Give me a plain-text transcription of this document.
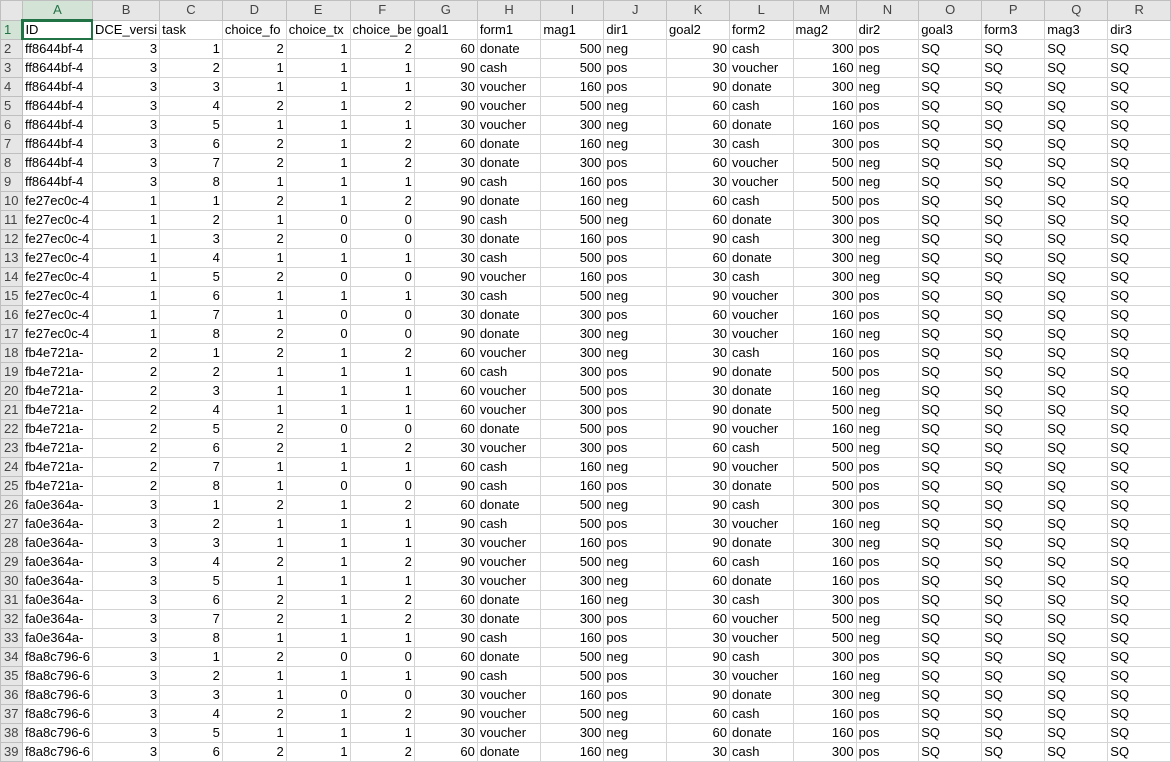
	A	B	C	D	E	F	G	H	I	J	K	L	M	N	O	P	Q	R
1	ID	DCE_versi	task	choice_fo	choice_tx	choice_be	goal1	form1	mag1	dir1	goal2	form2	mag2	dir2	goal3	form3	mag3	dir3
2	ff8644bf-4	3	1	2	1	2	60	donate	500	neg	90	cash	300	pos	SQ	SQ	SQ	SQ
3	ff8644bf-4	3	2	1	1	1	90	cash	500	pos	30	voucher	160	neg	SQ	SQ	SQ	SQ
4	ff8644bf-4	3	3	1	1	1	30	voucher	160	pos	90	donate	300	neg	SQ	SQ	SQ	SQ
5	ff8644bf-4	3	4	2	1	2	90	voucher	500	neg	60	cash	160	pos	SQ	SQ	SQ	SQ
6	ff8644bf-4	3	5	1	1	1	30	voucher	300	neg	60	donate	160	pos	SQ	SQ	SQ	SQ
7	ff8644bf-4	3	6	2	1	2	60	donate	160	neg	30	cash	300	pos	SQ	SQ	SQ	SQ
8	ff8644bf-4	3	7	2	1	2	30	donate	300	pos	60	voucher	500	neg	SQ	SQ	SQ	SQ
9	ff8644bf-4	3	8	1	1	1	90	cash	160	pos	30	voucher	500	neg	SQ	SQ	SQ	SQ
10	fe27ec0c-4	1	1	2	1	2	90	donate	160	neg	60	cash	500	pos	SQ	SQ	SQ	SQ
11	fe27ec0c-4	1	2	1	0	0	90	cash	500	neg	60	donate	300	pos	SQ	SQ	SQ	SQ
12	fe27ec0c-4	1	3	2	0	0	30	donate	160	pos	90	cash	300	neg	SQ	SQ	SQ	SQ
13	fe27ec0c-4	1	4	1	1	1	30	cash	500	pos	60	donate	300	neg	SQ	SQ	SQ	SQ
14	fe27ec0c-4	1	5	2	0	0	90	voucher	160	pos	30	cash	300	neg	SQ	SQ	SQ	SQ
15	fe27ec0c-4	1	6	1	1	1	30	cash	500	neg	90	voucher	300	pos	SQ	SQ	SQ	SQ
16	fe27ec0c-4	1	7	1	0	0	30	donate	300	pos	60	voucher	160	pos	SQ	SQ	SQ	SQ
17	fe27ec0c-4	1	8	2	0	0	90	donate	300	neg	30	voucher	160	neg	SQ	SQ	SQ	SQ
18	fb4e721a-	2	1	2	1	2	60	voucher	300	neg	30	cash	160	pos	SQ	SQ	SQ	SQ
19	fb4e721a-	2	2	1	1	1	60	cash	300	pos	90	donate	500	pos	SQ	SQ	SQ	SQ
20	fb4e721a-	2	3	1	1	1	60	voucher	500	pos	30	donate	160	neg	SQ	SQ	SQ	SQ
21	fb4e721a-	2	4	1	1	1	60	voucher	300	pos	90	donate	500	neg	SQ	SQ	SQ	SQ
22	fb4e721a-	2	5	2	0	0	60	donate	500	pos	90	voucher	160	neg	SQ	SQ	SQ	SQ
23	fb4e721a-	2	6	2	1	2	30	voucher	300	pos	60	cash	500	neg	SQ	SQ	SQ	SQ
24	fb4e721a-	2	7	1	1	1	60	cash	160	neg	90	voucher	500	pos	SQ	SQ	SQ	SQ
25	fb4e721a-	2	8	1	0	0	90	cash	160	pos	30	donate	500	pos	SQ	SQ	SQ	SQ
26	fa0e364a-	3	1	2	1	2	60	donate	500	neg	90	cash	300	pos	SQ	SQ	SQ	SQ
27	fa0e364a-	3	2	1	1	1	90	cash	500	pos	30	voucher	160	neg	SQ	SQ	SQ	SQ
28	fa0e364a-	3	3	1	1	1	30	voucher	160	pos	90	donate	300	neg	SQ	SQ	SQ	SQ
29	fa0e364a-	3	4	2	1	2	90	voucher	500	neg	60	cash	160	pos	SQ	SQ	SQ	SQ
30	fa0e364a-	3	5	1	1	1	30	voucher	300	neg	60	donate	160	pos	SQ	SQ	SQ	SQ
31	fa0e364a-	3	6	2	1	2	60	donate	160	neg	30	cash	300	pos	SQ	SQ	SQ	SQ
32	fa0e364a-	3	7	2	1	2	30	donate	300	pos	60	voucher	500	neg	SQ	SQ	SQ	SQ
33	fa0e364a-	3	8	1	1	1	90	cash	160	pos	30	voucher	500	neg	SQ	SQ	SQ	SQ
34	f8a8c796-6	3	1	2	0	0	60	donate	500	neg	90	cash	300	pos	SQ	SQ	SQ	SQ
35	f8a8c796-6	3	2	1	1	1	90	cash	500	pos	30	voucher	160	neg	SQ	SQ	SQ	SQ
36	f8a8c796-6	3	3	1	0	0	30	voucher	160	pos	90	donate	300	neg	SQ	SQ	SQ	SQ
37	f8a8c796-6	3	4	2	1	2	90	voucher	500	neg	60	cash	160	pos	SQ	SQ	SQ	SQ
38	f8a8c796-6	3	5	1	1	1	30	voucher	300	neg	60	donate	160	pos	SQ	SQ	SQ	SQ
39	f8a8c796-6	3	6	2	1	2	60	donate	160	neg	30	cash	300	pos	SQ	SQ	SQ	SQ
